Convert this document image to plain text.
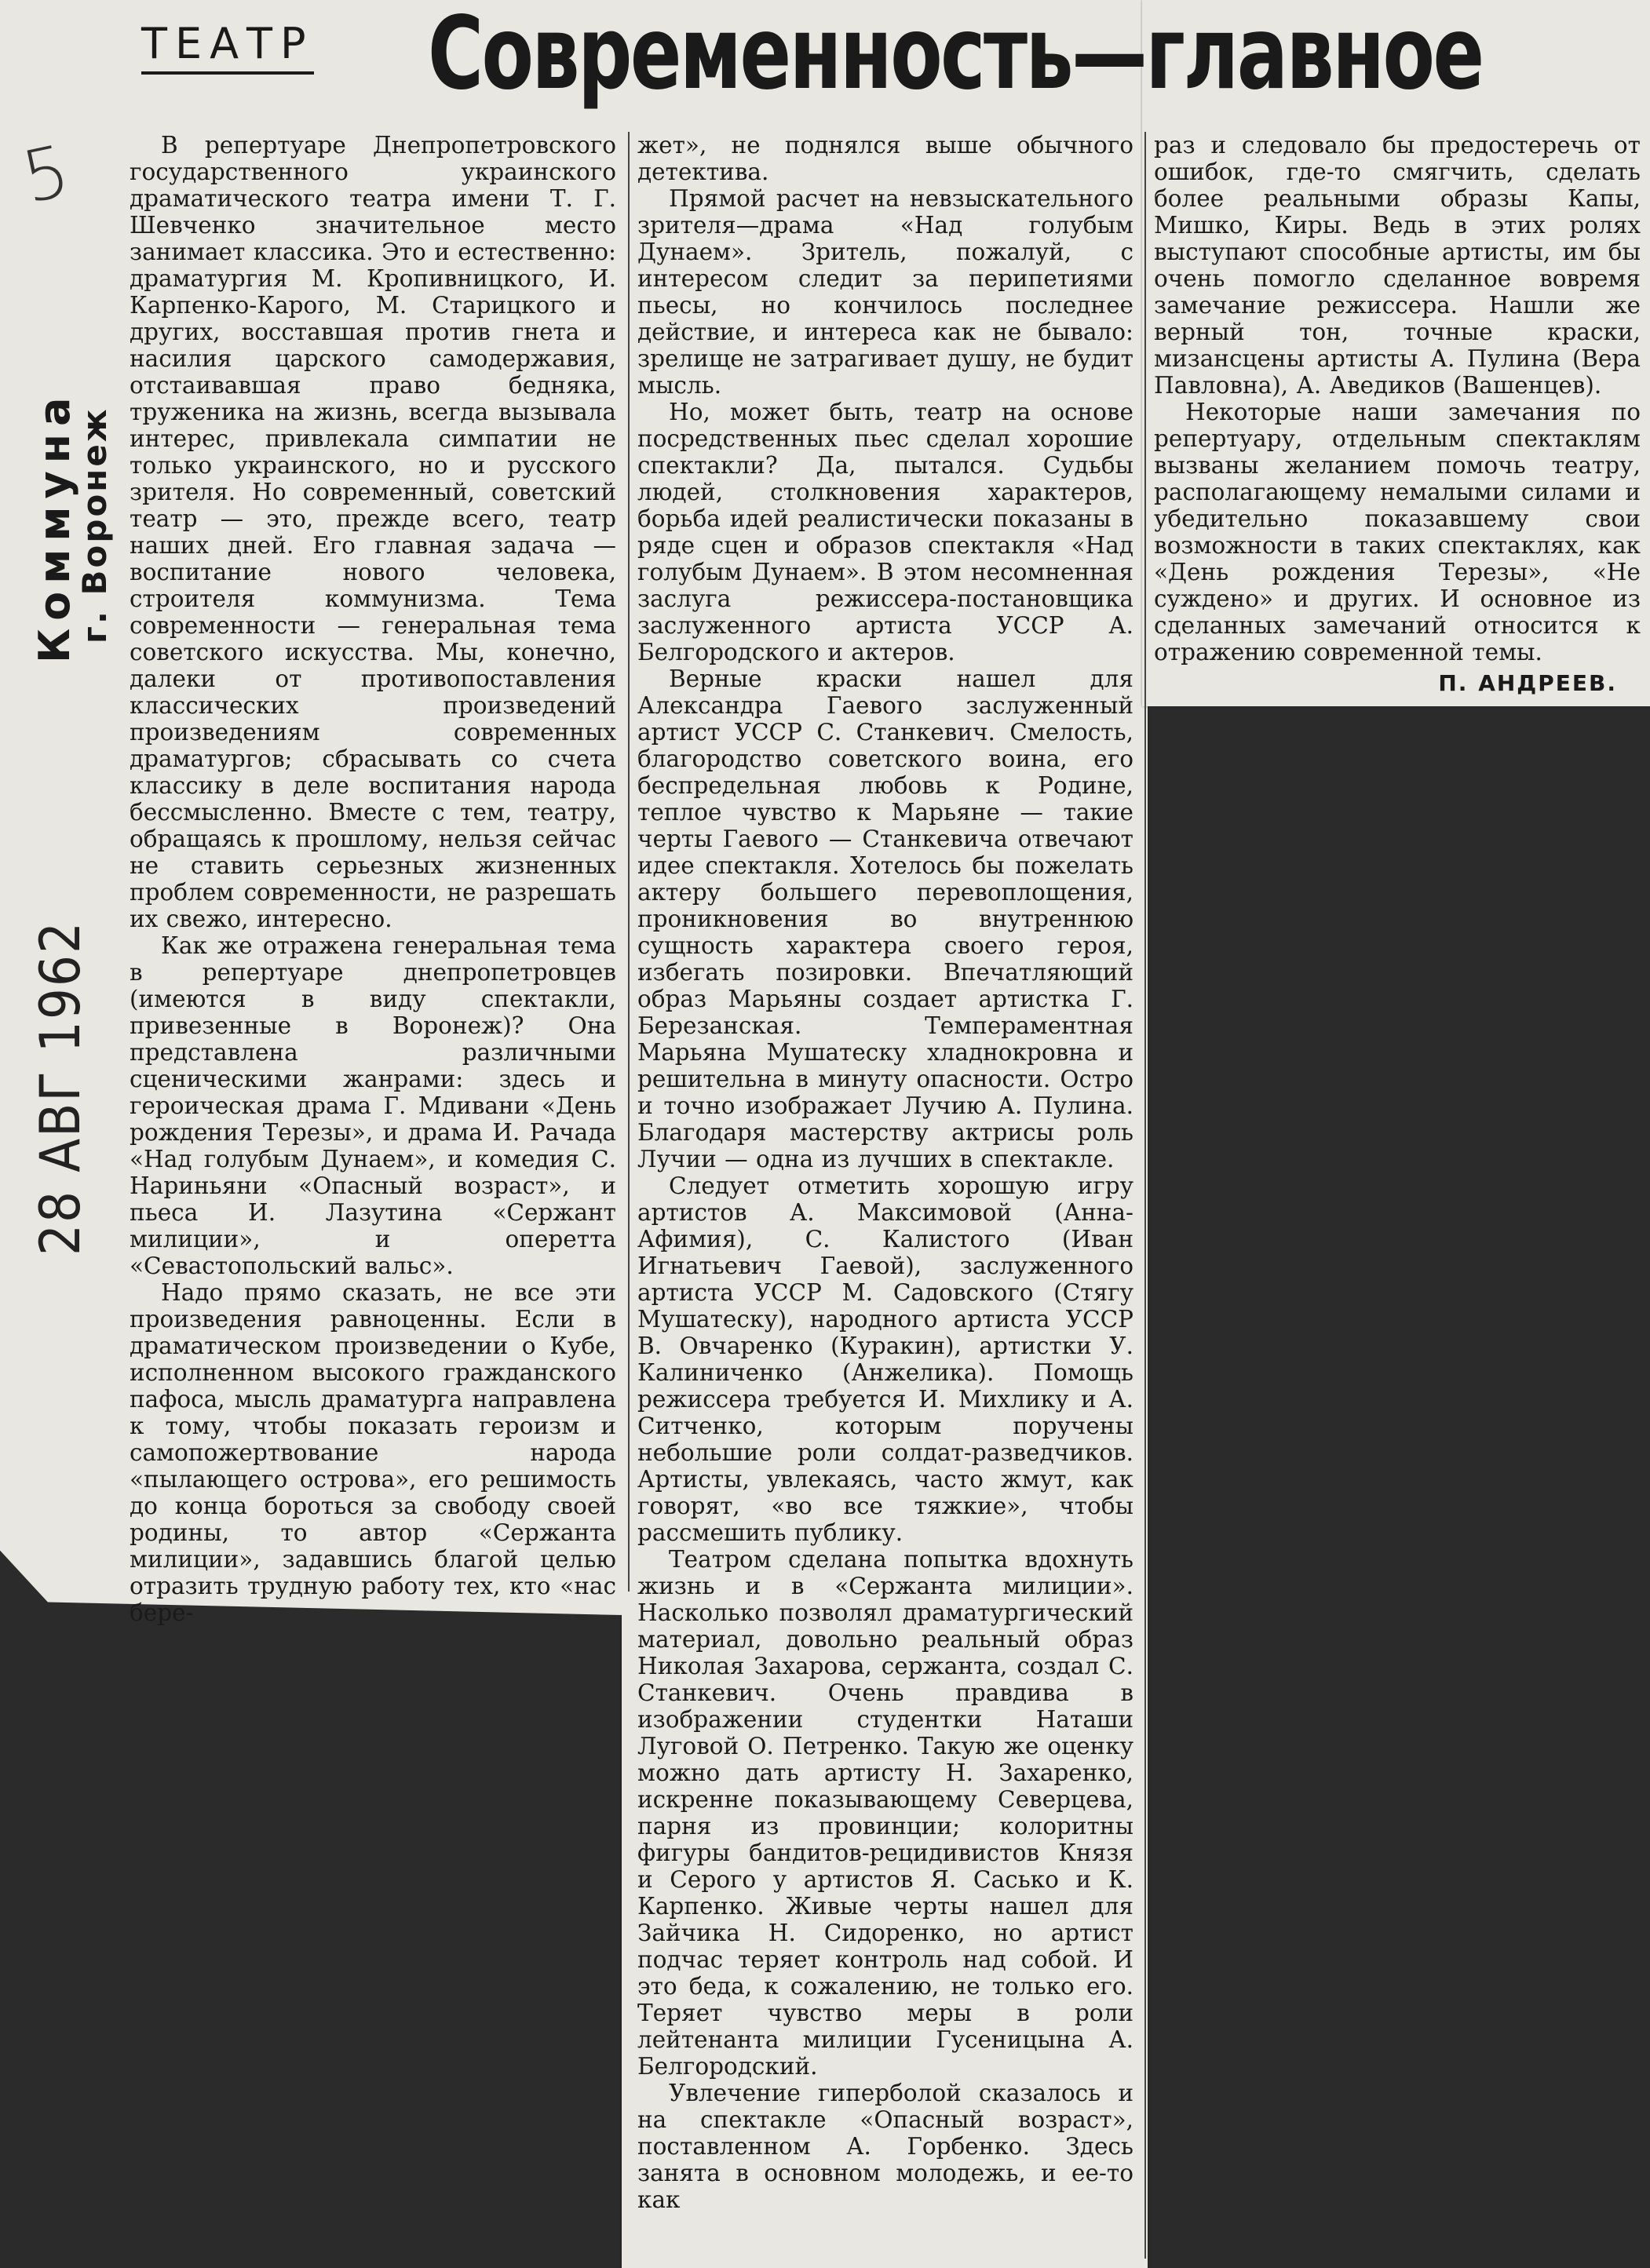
ТЕАТР Современность—главное
5
Коммуна
г. Воронеж
28 АВГ 1962

В репертуаре Днепропетровского государственного украинского драматического театра имени Т. Г. Шевченко значительное место занимает классика. Это и естественно: драматургия М. Кропивницкого, И. Карпенко-Карого, М. Старицкого и других, восставшая против гнета и насилия царского самодержавия, отстаивавшая право бедняка, труженика на жизнь, всегда вызывала интерес, привлекала симпатии не только украинского, но и русского зрителя. Но современный, советский театр — это, прежде всего, театр наших дней. Его главная задача — воспитание нового человека, строителя коммунизма. Тема современности — генеральная тема советского искусства. Мы, конечно, далеки от противопоставления классических произведений произведениям современных драматургов; сбрасывать со счета классику в деле воспитания народа бессмысленно. Вместе с тем, театру, обращаясь к прошлому, нельзя сейчас не ставить серьезных жизненных проблем современности, не разрешать их свежо, интересно.

Как же отражена генеральная тема в репертуаре днепропетровцев (имеются в виду спектакли, привезенные в Воронеж)? Она представлена различными сценическими жанрами: здесь и героическая драма Г. Мдивани «День рождения Терезы», и драма И. Рачада «Над голубым Дунаем», и комедия С. Нариньяни «Опасный возраст», и пьеса И. Лазутина «Сержант милиции», и оперетта «Севастопольский вальс».

Надо прямо сказать, не все эти произведения равноценны. Если в драматическом произведении о Кубе, исполненном высокого гражданского пафоса, мысль драматурга направлена к тому, чтобы показать героизм и самопожертвование народа «пылающего острова», его решимость до конца бороться за свободу своей родины, то автор «Сержанта милиции», задавшись благой целью отразить трудную работу тех, кто «нас бере-

жет», не поднялся выше обычного детектива.

Прямой расчет на невзыскательного зрителя—драма «Над голубым Дунаем». Зритель, пожалуй, с интересом следит за перипетиями пьесы, но кончилось последнее действие, и интереса как не бывало: зрелище не затрагивает душу, не будит мысль.

Но, может быть, театр на основе посредственных пьес сделал хорошие спектакли? Да, пытался. Судьбы людей, столкновения характеров, борьба идей реалистически показаны в ряде сцен и образов спектакля «Над голубым Дунаем». В этом несомненная заслуга режиссера-постановщика заслуженного артиста УССР А. Белгородского и актеров.

Верные краски нашел для Александра Гаевого заслуженный артист УССР С. Станкевич. Смелость, благородство советского воина, его беспредельная любовь к Родине, теплое чувство к Марьяне — такие черты Гаевого — Станкевича отвечают идее спектакля. Хотелось бы пожелать актеру большего перевоплощения, проникновения во внутреннюю сущность характера своего героя, избегать позировки. Впечатляющий образ Марьяны создает артистка Г. Березанская. Темпераментная Марьяна Мушатеску хладнокровна и решительна в минуту опасности. Остро и точно изображает Лучию А. Пулина. Благодаря мастерству актрисы роль Лучии — одна из лучших в спектакле.

Следует отметить хорошую игру артистов А. Максимовой (Анна-Афимия), С. Калистого (Иван Игнатьевич Гаевой), заслуженного артиста УССР М. Садовского (Стягу Мушатеску), народного артиста УССР В. Овчаренко (Куракин), артистки У. Калиниченко (Анжелика). Помощь режиссера требуется И. Михлику и А. Ситченко, которым поручены небольшие роли солдат-разведчиков. Артисты, увлекаясь, часто жмут, как говорят, «во все тяжкие», чтобы рассмешить публику.

Театром сделана попытка вдохнуть жизнь и в «Сержанта милиции». Насколько позволял драматургический материал, довольно реальный образ Николая Захарова, сержанта, создал С. Станкевич. Очень правдива в изображении студентки Наташи Луговой О. Петренко. Такую же оценку можно дать артисту Н. Захаренко, искренне показывающему Северцева, парня из провинции; колоритны фигуры бандитов-рецидивистов Князя и Серого у артистов Я. Сасько и К. Карпенко. Живые черты нашел для Зайчика Н. Сидоренко, но артист подчас теряет контроль над собой. И это беда, к сожалению, не только его. Теряет чувство меры в роли лейтенанта милиции Гусеницына А. Белгородский.

Увлечение гиперболой сказалось и на спектакле «Опасный возраст», поставленном А. Горбенко. Здесь занята в основном молодежь, и ее-то как

раз и следовало бы предостеречь от ошибок, где-то смягчить, сделать более реальными образы Капы, Мишко, Киры. Ведь в этих ролях выступают способные артисты, им бы очень помогло сделанное вовремя замечание режиссера. Нашли же верный тон, точные краски, мизансцены артисты А. Пулина (Вера Павловна), А. Аведиков (Вашенцев).

Некоторые наши замечания по репертуару, отдельным спектаклям вызваны желанием помочь театру, располагающему немалыми силами и убедительно показавшему свои возможности в таких спектаклях, как «День рождения Терезы», «Не суждено» и других. И основное из сделанных замечаний относится к отражению современной темы.

П. АНДРЕЕВ.
